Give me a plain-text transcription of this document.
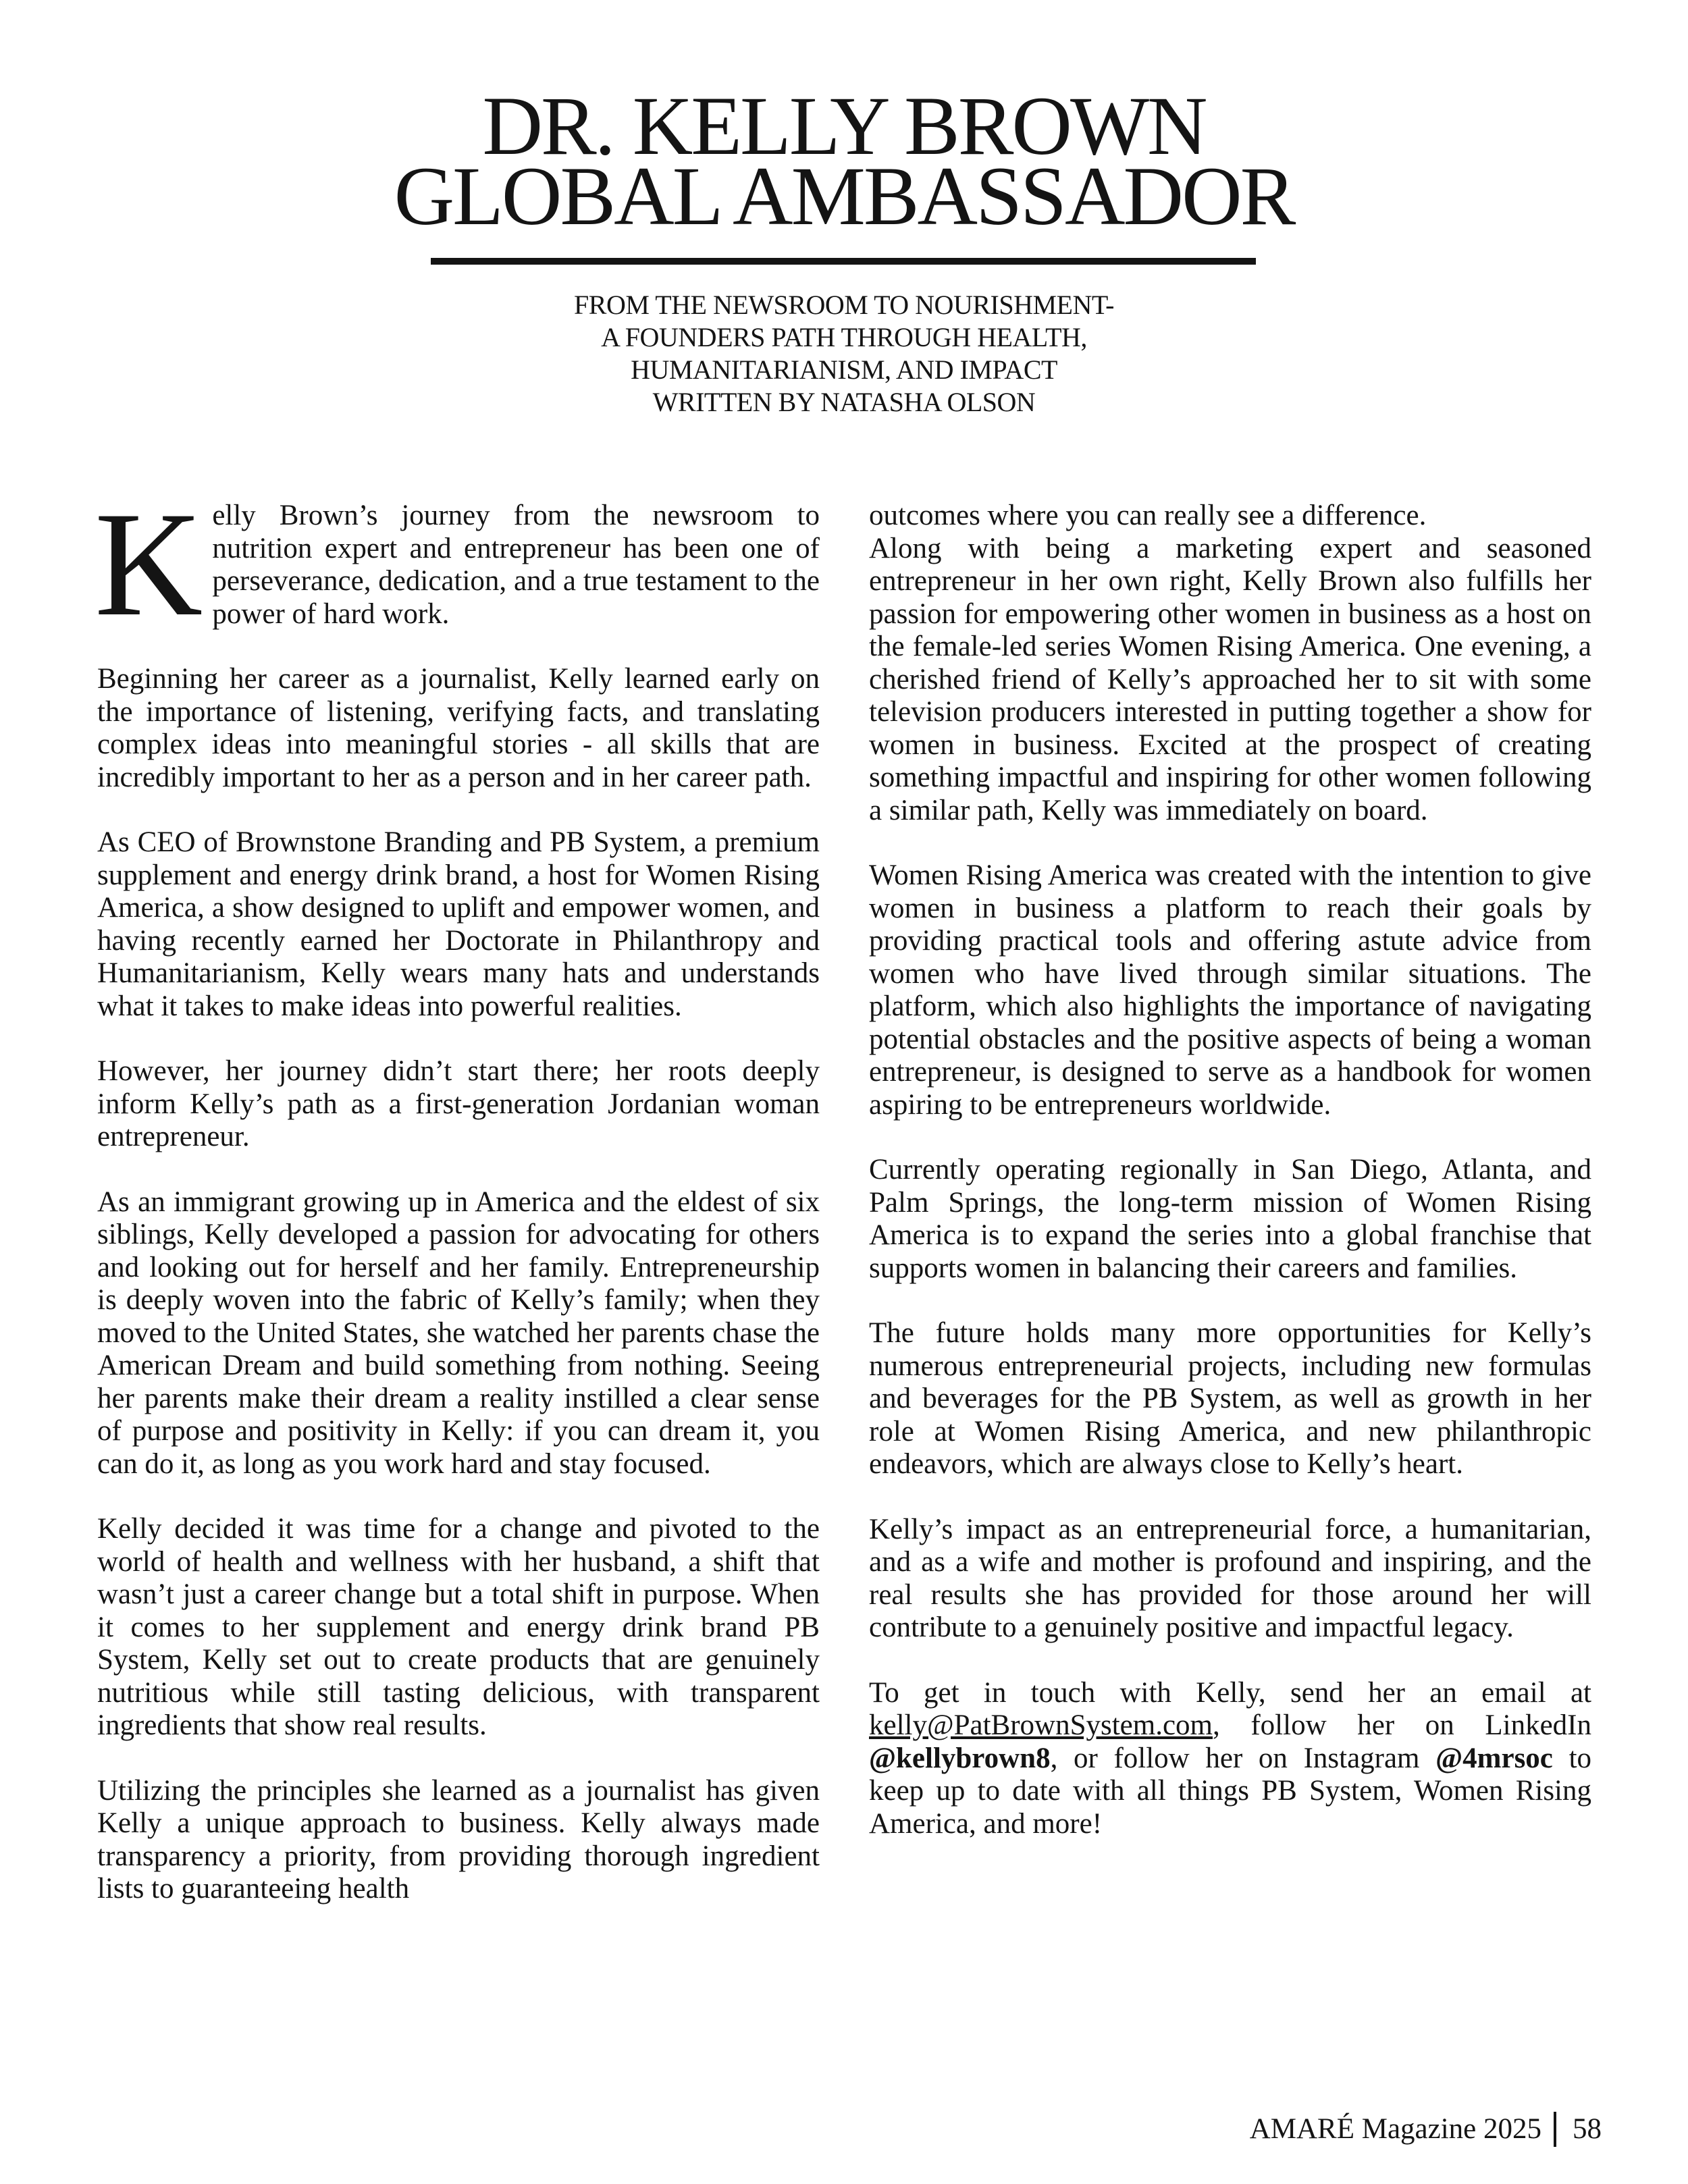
DR. KELLY BROWN
GLOBAL AMBASSADOR
FROM THE NEWSROOM TO NOURISHMENT-
A FOUNDERS PATH THROUGH HEALTH,
HUMANITARIANISM, AND IMPACT
WRITTEN BY NATASHA OLSON

Kelly Brown’s journey from the newsroom to nutrition expert and entrepreneur has been one of perseverance, dedication, and a true testament to the power of hard work.

Beginning her career as a journalist, Kelly learned early on the importance of listening, verifying facts, and translating complex ideas into meaningful stories - all skills that are incredibly important to her as a person and in her career path.

As CEO of Brownstone Branding and PB System, a premium supplement and energy drink brand, a host for Women Rising America, a show designed to uplift and empower women, and having recently earned her Doctorate in Philanthropy and Humanitarianism, Kelly wears many hats and understands what it takes to make ideas into powerful realities.

However, her journey didn’t start there; her roots deeply inform Kelly’s path as a first-generation Jordanian woman entrepreneur.

As an immigrant growing up in America and the eldest of six siblings, Kelly developed a passion for advocating for others and looking out for herself and her family. Entrepreneurship is deeply woven into the fabric of Kelly’s family; when they moved to the United States, she watched her parents chase the American Dream and build something from nothing. Seeing her parents make their dream a reality instilled a clear sense of purpose and positivity in Kelly: if you can dream it, you can do it, as long as you work hard and stay focused.

Kelly decided it was time for a change and pivoted to the world of health and wellness with her husband, a shift that wasn’t just a career change but a total shift in purpose. When it comes to her supplement and energy drink brand PB System, Kelly set out to create products that are genuinely nutritious while still tasting delicious, with transparent ingredients that show real results.

Utilizing the principles she learned as a journalist has given Kelly a unique approach to business. Kelly always made transparency a priority, from providing thorough ingredient lists to guaranteeing health

outcomes where you can really see a difference.

Along with being a marketing expert and seasoned entrepreneur in her own right, Kelly Brown also fulfills her passion for empowering other women in business as a host on the female-led series Women Rising America. One evening, a cherished friend of Kelly’s approached her to sit with some television producers interested in putting together a show for women in business. Excited at the prospect of creating something impactful and inspiring for other women following a similar path, Kelly was immediately on board.

Women Rising America was created with the intention to give women in business a platform to reach their goals by providing practical tools and offering astute advice from women who have lived through similar situations. The platform, which also highlights the importance of navigating potential obstacles and the positive aspects of being a woman entrepreneur, is designed to serve as a handbook for women aspiring to be entrepreneurs worldwide.

Currently operating regionally in San Diego, Atlanta, and Palm Springs, the long-term mission of Women Rising America is to expand the series into a global franchise that supports women in balancing their careers and families.

The future holds many more opportunities for Kelly’s numerous entrepreneurial projects, including new formulas and beverages for the PB System, as well as growth in her role at Women Rising America, and new philanthropic endeavors, which are always close to Kelly’s heart.

Kelly’s impact as an entrepreneurial force, a humanitarian, and as a wife and mother is profound and inspiring, and the real results she has provided for those around her will contribute to a genuinely positive and impactful legacy.

To get in touch with Kelly, send her an email at kelly@PatBrownSystem.com, follow her on LinkedIn @kellybrown8, or follow her on Instagram @4mrsoc to keep up to date with all things PB System, Women Rising America, and more!

AMARÉ Magazine 2025 58
